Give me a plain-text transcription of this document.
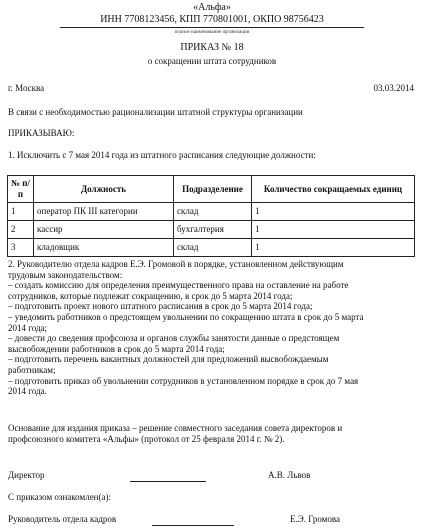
«Альфа»
ИНН 7708123456, КПП 770801001, ОКПО 98756423
полное наименование организации
ПРИКАЗ № 18
о сокращении штата сотрудников
г. Москва	03.03.2014
В связи с необходимостью рационализации штатной структуры организации
ПРИКАЗЫВАЮ:
1. Исключить с 7 мая 2014 года из штатного расписания следующие должности:
№ п/п	Должность	Подразделение	Количество сокращаемых единиц
1	оператор ПК III категории	склад	1
2	кассир	бухгалтерия	1
3	кладовщик	склад	1
2. Руководителю отдела кадров Е.Э. Громовой в порядке, установленном действующим
трудовым законодательством:
– создать комиссию для определения преимущественного права на оставление на работе
сотрудников, которые подлежат сокращению, в срок до 5 марта 2014 года;
– подготовить проект нового штатного расписания в срок до 5 марта 2014 года;
– уведомить работников о предстоящем увольнении по сокращению штата в срок до 5 марта
2014 года;
– довести до сведения профсоюза и органов службы занятости данные о предстоящем
высвобождении работников в срок до 5 марта 2014 года;
– подготовить перечень вакантных должностей для предложений высвобождаемым
работникам;
– подготовить приказ об увольнении сотрудников в установленном порядке в срок до 7 мая
2014 года.
Основание для издания приказа – решение совместного заседания совета директоров и
профсоюзного комитета «Альфы» (протокол от 25 февраля 2014 г. № 2).
Директор	А.В. Львов
С приказом ознакомлен(а):
Руководитель отдела кадров	Е.Э. Громова
